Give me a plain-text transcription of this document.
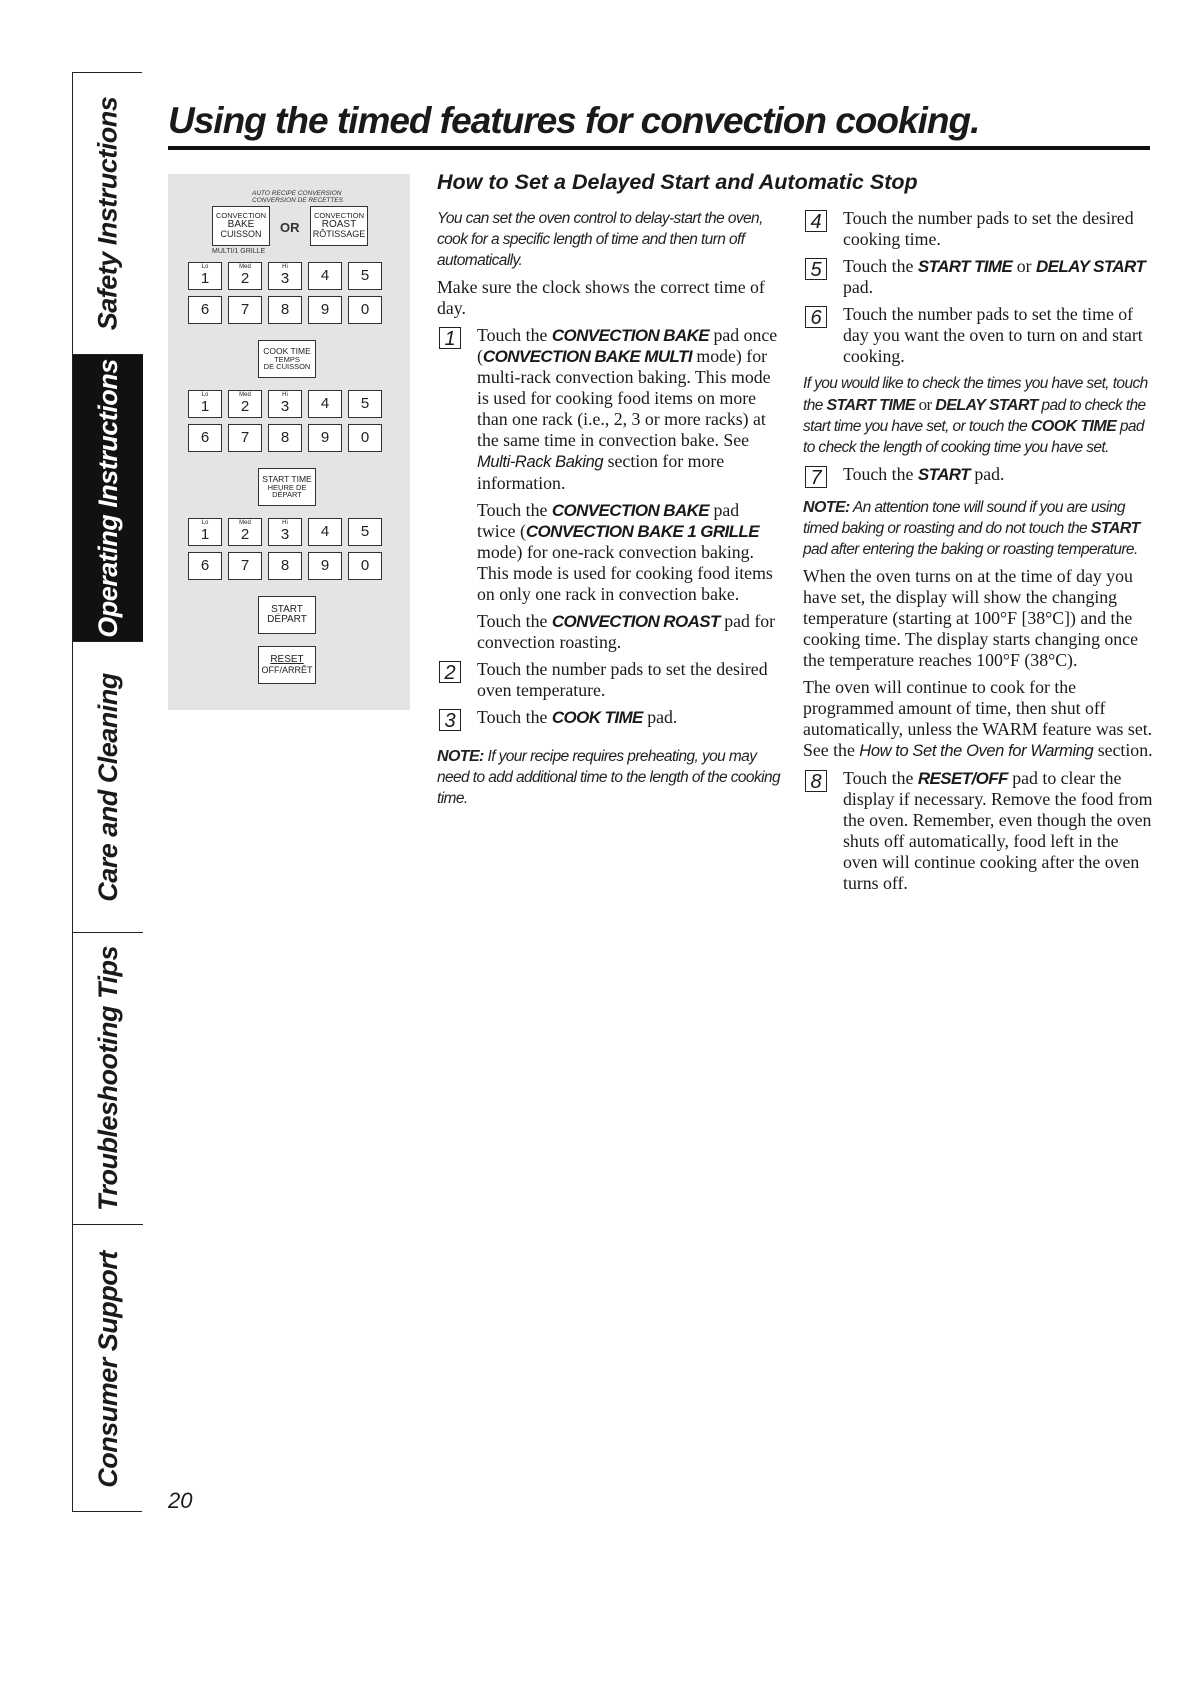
Safety Instructions
Operating Instructions
Care and Cleaning
Troubleshooting Tips
Consumer Support
Using the timed features for convection cooking.
AUTO RECIPE CONVERSION
CONVERSION DE RECETTES
CONVECTION
BAKE
CUISSON OR
CONVECTION
ROAST
RÔTISSAGE
MULTI/1 GRILLE
Lo
1
Med
2
Hi
3 4 5
6 7 8 9 0
COOK TIME
TEMPS
DE CUISSON
Lo
1
Med
2
Hi
3 4 5
6 7 8 9 0
START TIME
HEURE DE
DÉPART
Lo
1
Med
2
Hi
3 4 5
6 7 8 9 0
START
DÉPART
RESET
OFF/ARRÊT
How to Set a Delayed Start and Automatic Stop

You can set the oven control to delay-start the oven, cook for a specific length of time and then turn off automatically.

Make sure the clock shows the correct time of day.

1	Touch the CONVECTION BAKE pad once (CONVECTION BAKE MULTI mode) for multi-rack convection baking. This mode is used for cooking food items on more than one rack (i.e., 2, 3 or more racks) at the same time in convection bake. See Multi-Rack Baking section for more information.
Touch the CONVECTION BAKE pad twice (CONVECTION BAKE 1 GRILLE mode) for one-rack convection baking. This mode is used for cooking food items on only one rack in convection bake.
Touch the CONVECTION ROAST pad for convection roasting.
2	Touch the number pads to set the desired oven temperature.
3	Touch the COOK TIME pad.

NOTE: If your recipe requires preheating, you may need to add additional time to the length of the cooking time.

4	Touch the number pads to set the desired cooking time.
5	Touch the START TIME or DELAY START pad.
6	Touch the number pads to set the time of day you want the oven to turn on and start cooking.

If you would like to check the times you have set, touch the START TIME or DELAY START pad to check the start time you have set, or touch the COOK TIME pad to check the length of cooking time you have set.

7	Touch the START pad.

NOTE: An attention tone will sound if you are using timed baking or roasting and do not touch the START pad after entering the baking or roasting temperature.

When the oven turns on at the time of day you have set, the display will show the changing temperature (starting at 100°F [38°C]) and the cooking time. The display starts changing once the temperature reaches 100°F (38°C).

The oven will continue to cook for the programmed amount of time, then shut off automatically, unless the WARM feature was set. See the How to Set the Oven for Warming section.

8	Touch the RESET/OFF pad to clear the display if necessary. Remove the food from the oven. Remember, even though the oven shuts off automatically, food left in the oven will continue cooking after the oven turns off.
20
